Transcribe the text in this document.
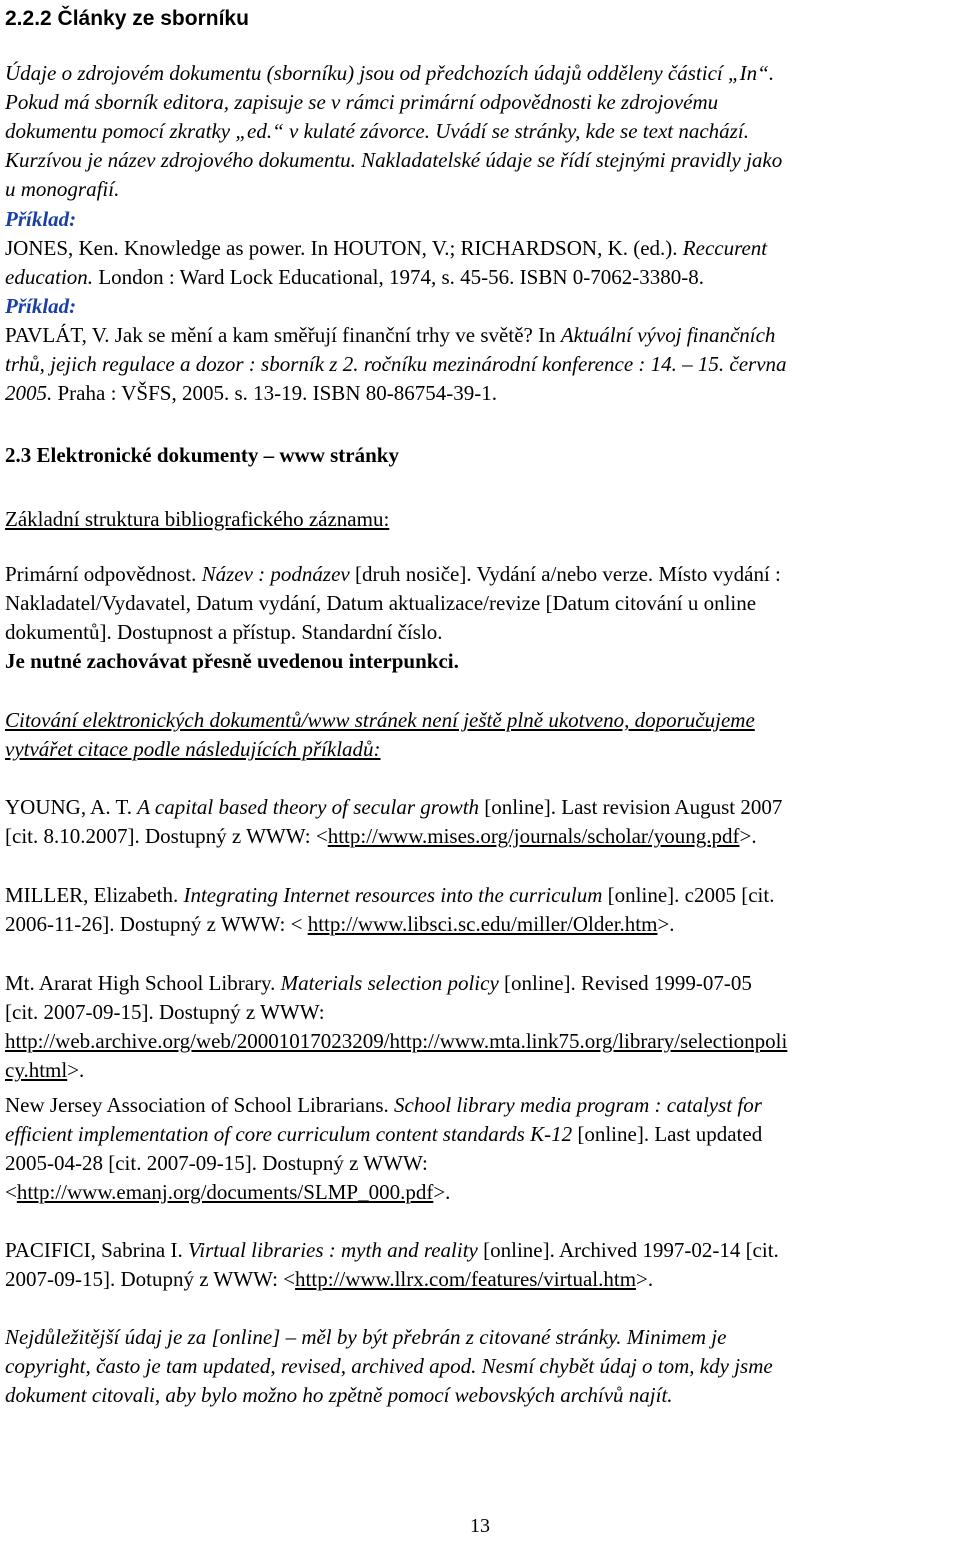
2.2.2 Články ze sborníku
Údaje o zdrojovém dokumentu (sborníku) jsou od předchozích údajů odděleny částicí „In“.
Pokud má sborník editora, zapisuje se v rámci primární odpovědnosti ke zdrojovému
dokumentu pomocí zkratky „ed.“ v kulaté závorce. Uvádí se stránky, kde se text nachází.
Kurzívou je název zdrojového dokumentu. Nakladatelské údaje se řídí stejnými pravidly jako
u monografií.
Příklad:
JONES, Ken. Knowledge as power. In HOUTON, V.; RICHARDSON, K. (ed.). Reccurent
education. London : Ward Lock Educational, 1974, s. 45-56. ISBN 0-7062-3380-8.
Příklad:
PAVLÁT, V. Jak se mění a kam směřují finanční trhy ve světě? In Aktuální vývoj finančních
trhů, jejich regulace a dozor : sborník z 2. ročníku mezinárodní konference : 14. – 15. června
2005. Praha : VŠFS, 2005. s. 13-19. ISBN 80-86754-39-1.
2.3 Elektronické dokumenty – www stránky
Základní struktura bibliografického záznamu:
Primární odpovědnost. Název : podnázev [druh nosiče]. Vydání a/nebo verze. Místo vydání :
Nakladatel/Vydavatel, Datum vydání, Datum aktualizace/revize [Datum citování u online
dokumentů]. Dostupnost a přístup. Standardní číslo.
Je nutné zachovávat přesně uvedenou interpunkci.
Citování elektronických dokumentů/www stránek není ještě plně ukotveno, doporučujeme
vytvářet citace podle následujících příkladů:
YOUNG, A. T. A capital based theory of secular growth [online]. Last revision August 2007
[cit. 8.10.2007]. Dostupný z WWW: <http://www.mises.org/journals/scholar/young.pdf>.
MILLER, Elizabeth. Integrating Internet resources into the curriculum [online]. c2005 [cit.
2006-11-26]. Dostupný z WWW: < http://www.libsci.sc.edu/miller/Older.htm>.
Mt. Ararat High School Library. Materials selection policy [online]. Revised 1999-07-05
[cit. 2007-09-15]. Dostupný z WWW:
http://web.archive.org/web/20001017023209/http://www.mta.link75.org/library/selectionpoli
cy.html>.
New Jersey Association of School Librarians. School library media program : catalyst for
efficient implementation of core curriculum content standards K-12 [online]. Last updated
2005-04-28 [cit. 2007-09-15]. Dostupný z WWW:
<http://www.emanj.org/documents/SLMP_000.pdf>.
PACIFICI, Sabrina I. Virtual libraries : myth and reality [online]. Archived 1997-02-14 [cit.
2007-09-15]. Dotupný z WWW: <http://www.llrx.com/features/virtual.htm>.
Nejdůležitější údaj je za [online] – měl by být přebrán z citované stránky. Minimem je
copyright, často je tam updated, revised, archived apod. Nesmí chybět údaj o tom, kdy jsme
dokument citovali, aby bylo možno ho zpětně pomocí webovských archívů najít.
13
